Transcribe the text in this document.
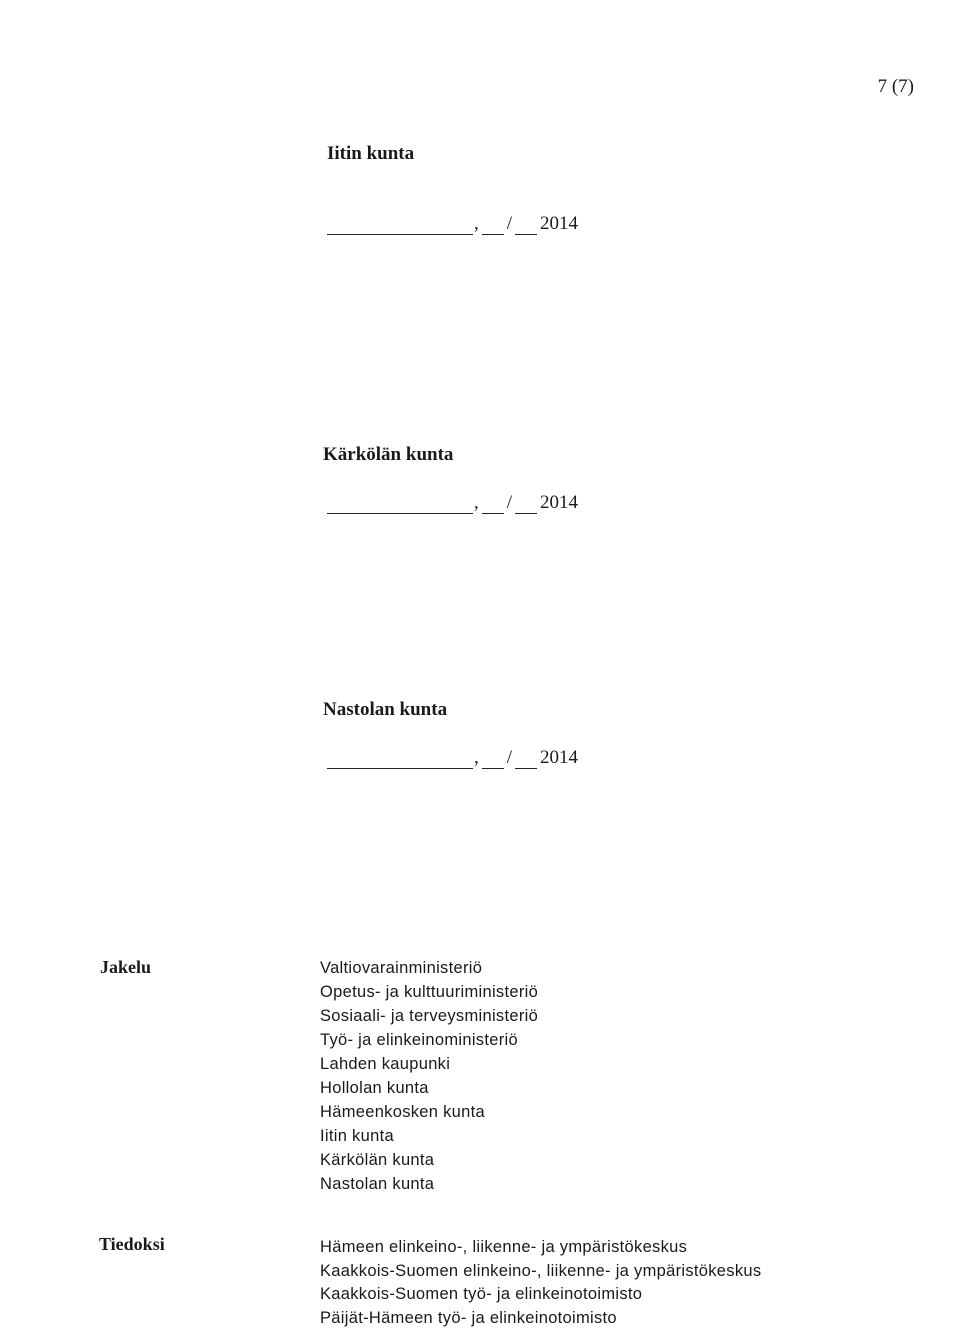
7 (7)
Iitin kunta
, / 2014
Kärkölän kunta
, / 2014
Nastolan kunta
, / 2014
Jakelu	Valtiovarainministeriö
Opetus- ja kulttuuriministeriö
Sosiaali- ja terveysministeriö
Työ- ja elinkeinoministeriö
Lahden kaupunki
Hollolan kunta
Hämeenkosken kunta
Iitin kunta
Kärkölän kunta
Nastolan kunta
Tiedoksi	Hämeen elinkeino-, liikenne- ja ympäristökeskus
Kaakkois-Suomen elinkeino-, liikenne- ja ympäristökeskus
Kaakkois-Suomen työ- ja elinkeinotoimisto
Päijät-Hämeen työ- ja elinkeinotoimisto
